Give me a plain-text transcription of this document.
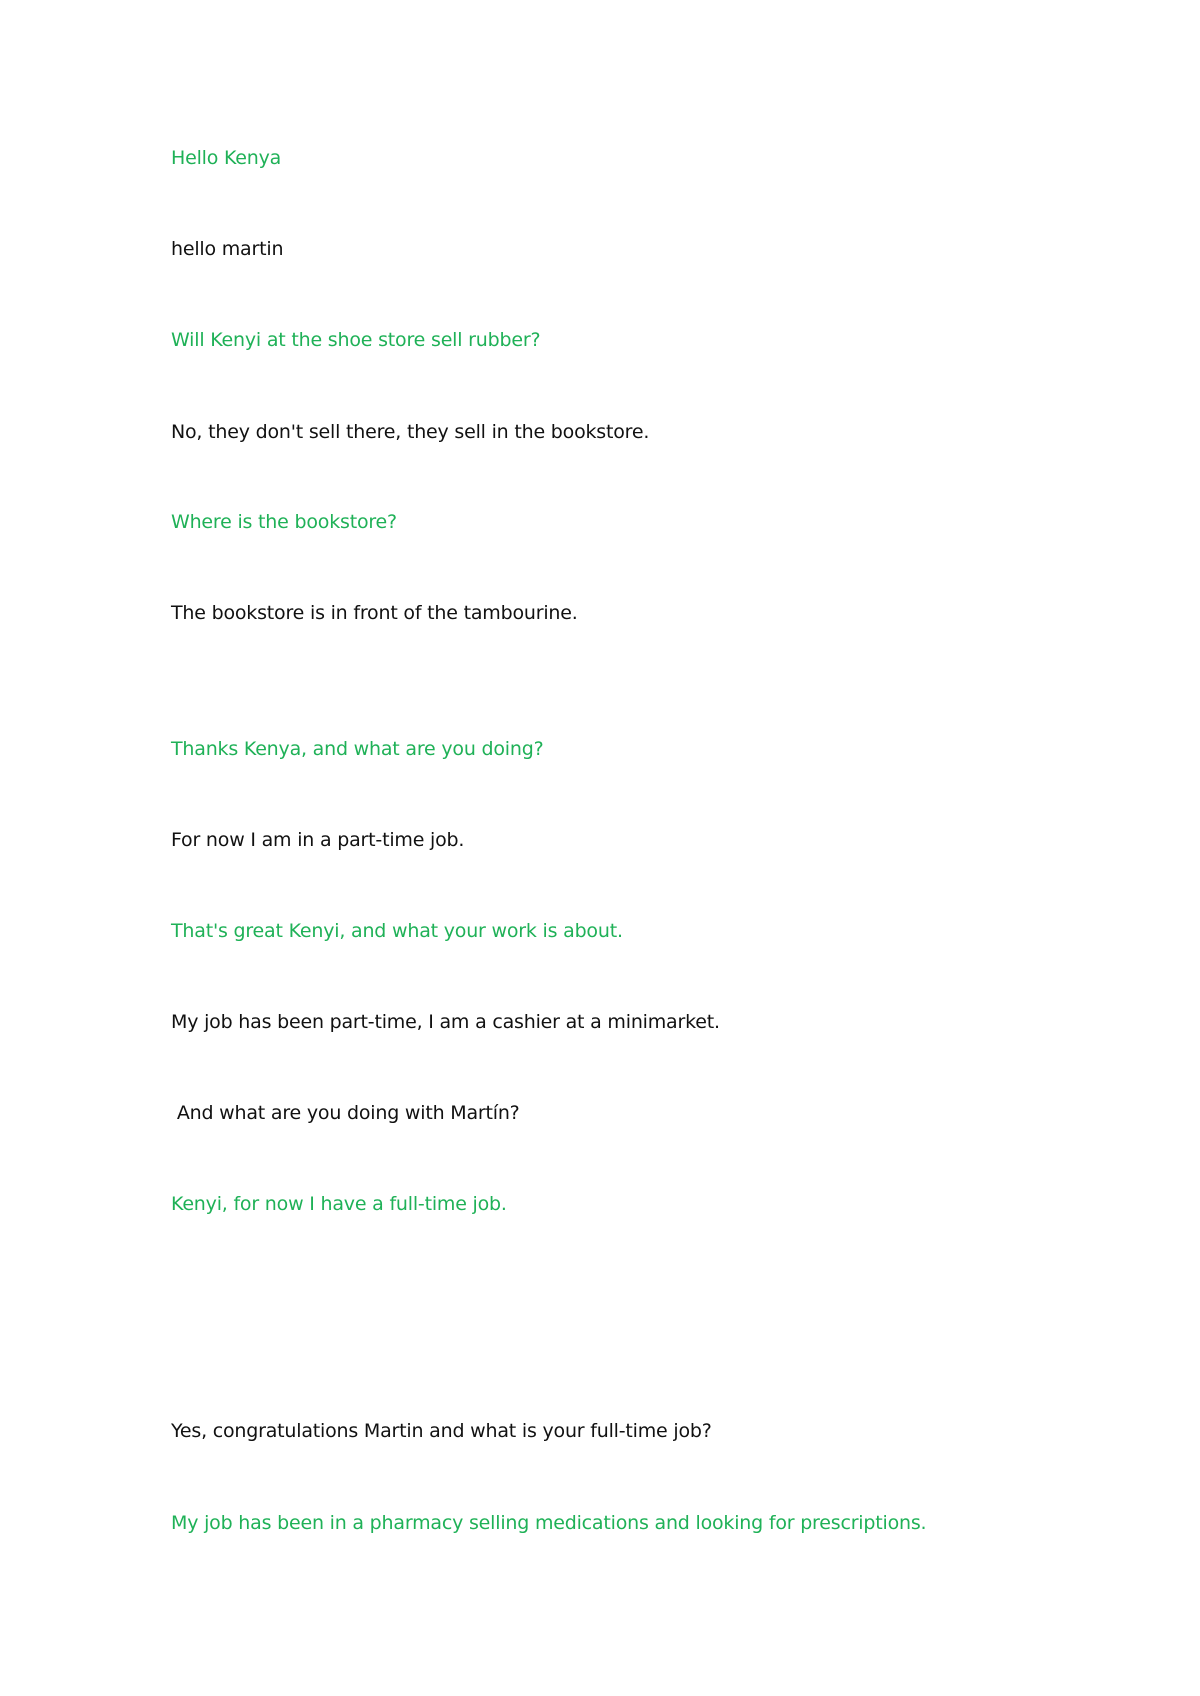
Hello Kenya
hello martin
Will Kenyi at the shoe store sell rubber?
No, they don't sell there, they sell in the bookstore.
Where is the bookstore?
The bookstore is in front of the tambourine.
Thanks Kenya, and what are you doing?
For now I am in a part-time job.
That's great Kenyi, and what your work is about.
My job has been part-time, I am a cashier at a minimarket.
And what are you doing with Martín?
Kenyi, for now I have a full-time job.
Yes, congratulations Martin and what is your full-time job?
My job has been in a pharmacy selling medications and looking for prescriptions.
